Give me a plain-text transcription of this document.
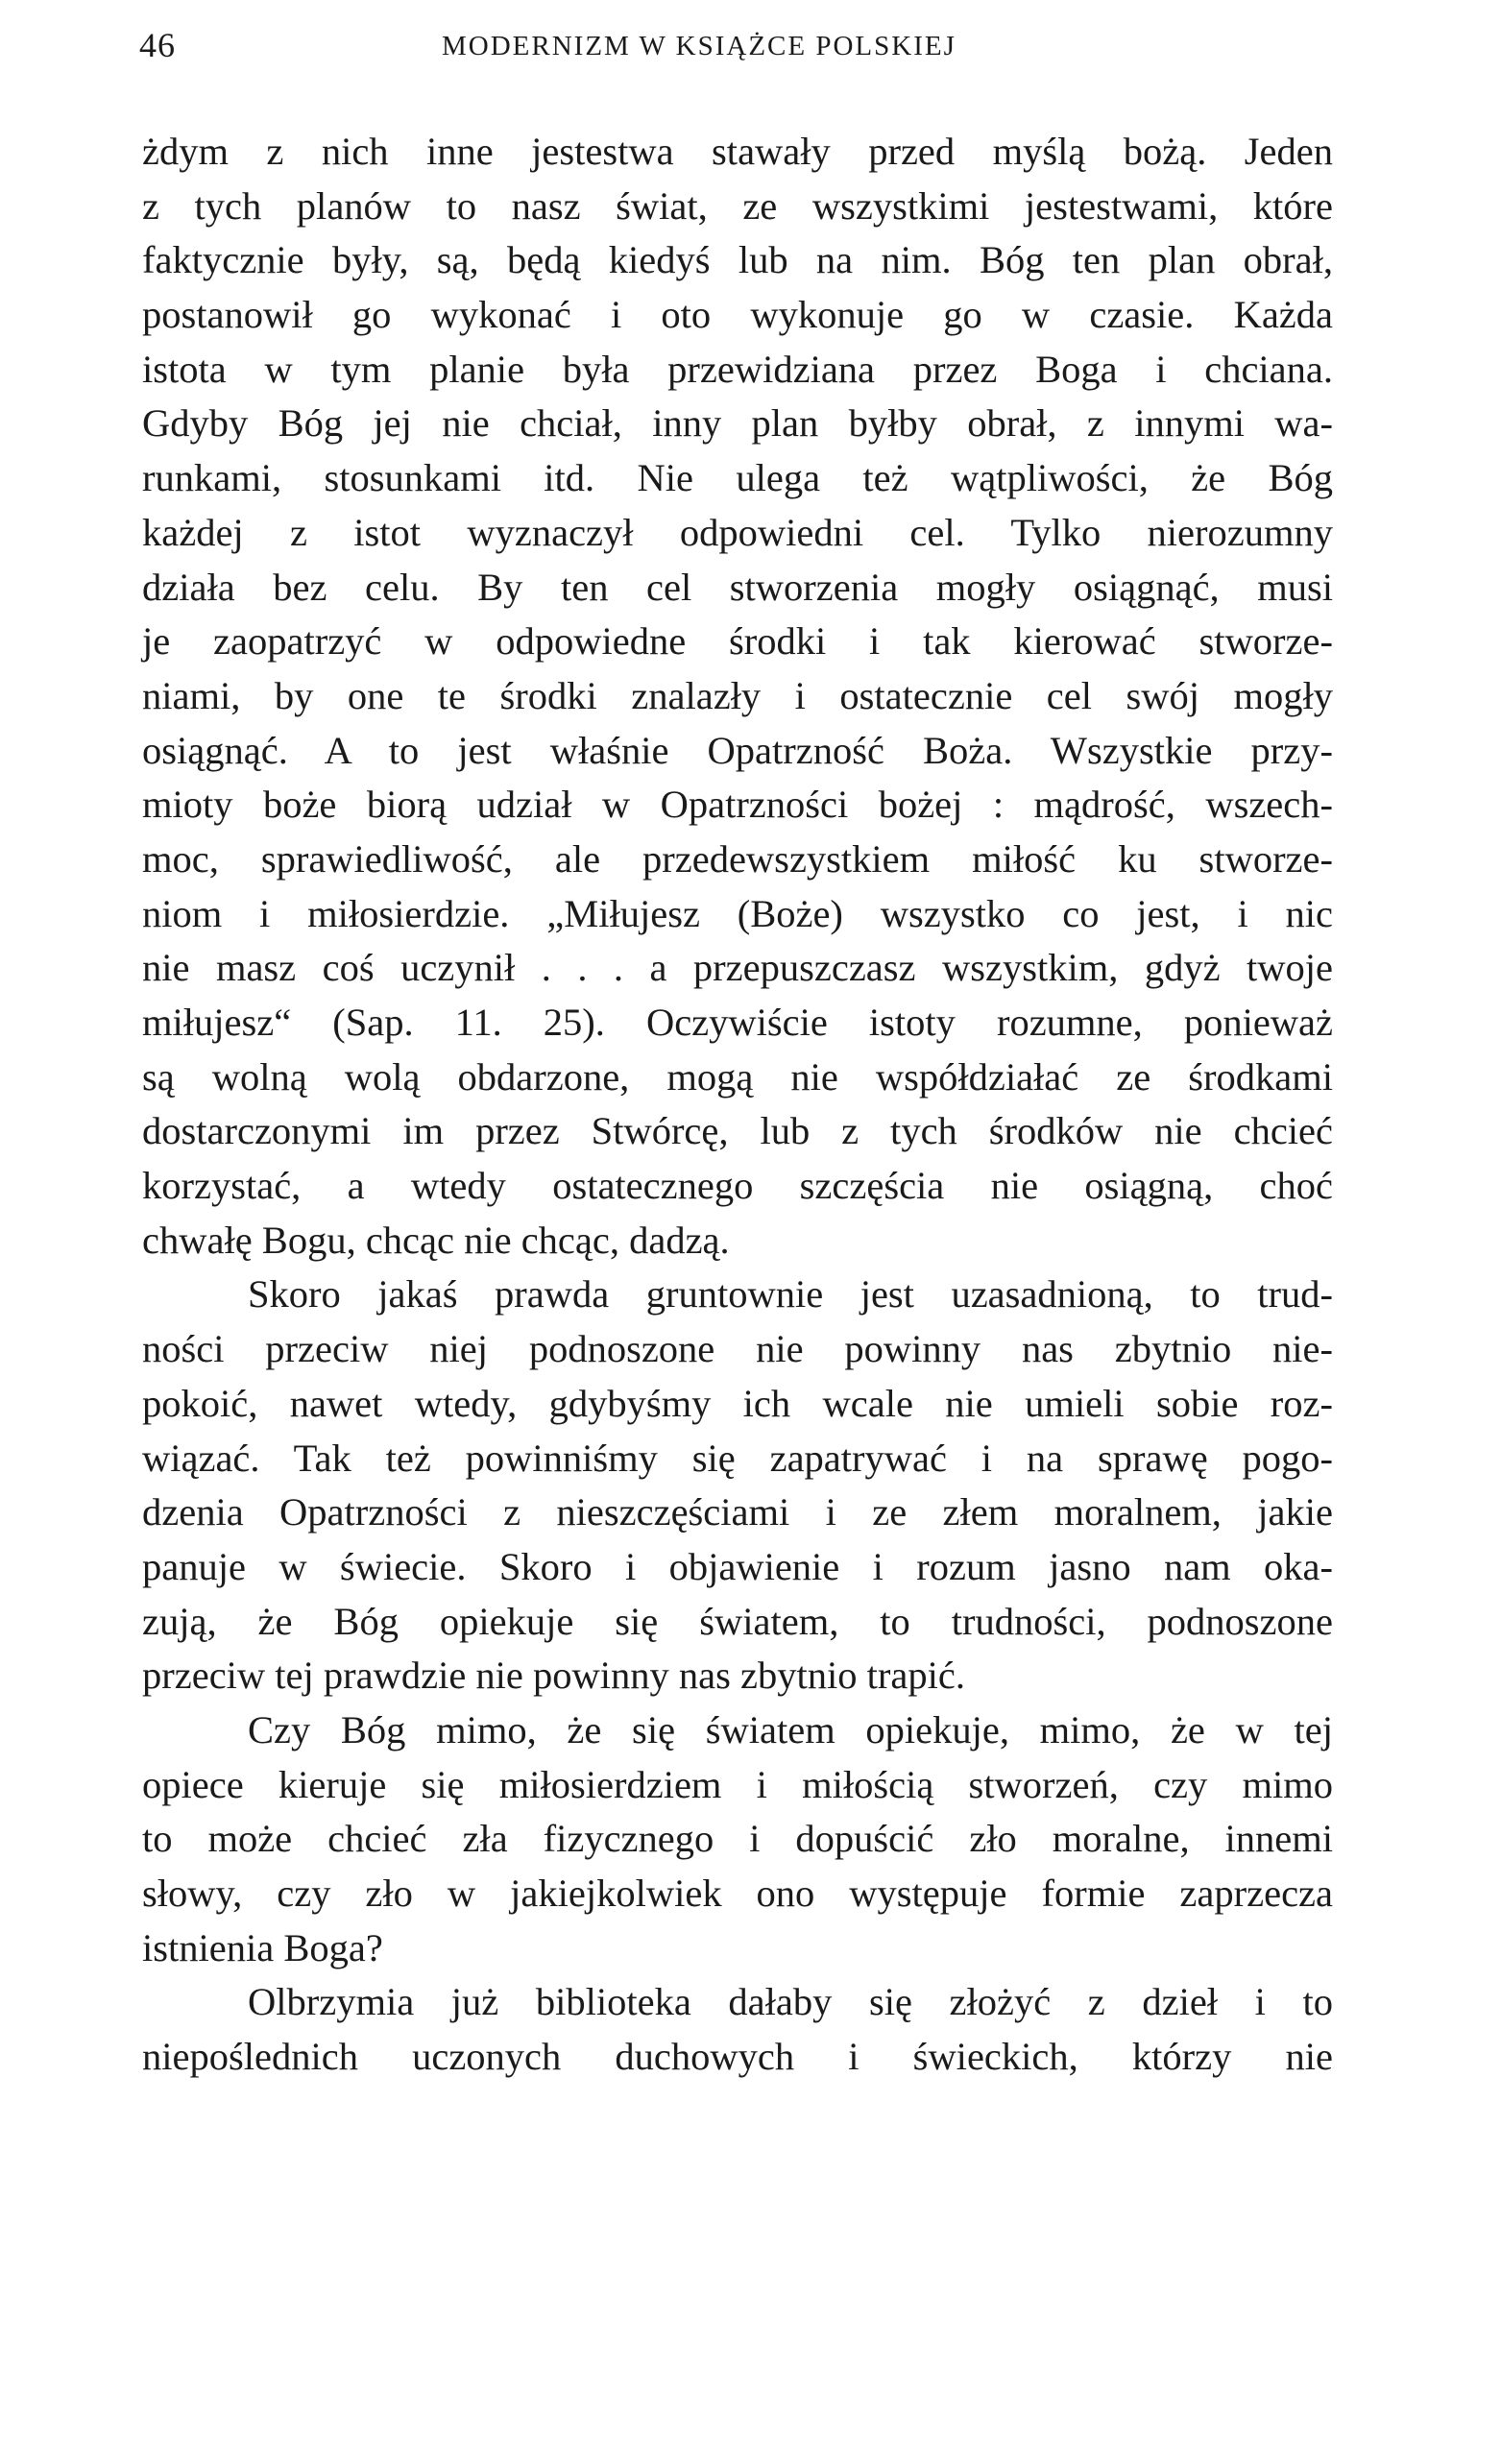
46	MODERNIZM W KSIĄŻCE POLSKIEJ
żdym z nich inne jestestwa stawały przed myślą bożą. Jeden
z tych planów to nasz świat, ze wszystkimi jestestwami, które
faktycznie były, są, będą kiedyś lub na nim. Bóg ten plan obrał,
postanowił go wykonać i oto wykonuje go w czasie. Każda
istota w tym planie była przewidziana przez Boga i chciana.
Gdyby Bóg jej nie chciał, inny plan byłby obrał, z innymi wa-
runkami, stosunkami itd. Nie ulega też wątpliwości, że Bóg
każdej z istot wyznaczył odpowiedni cel. Tylko nierozumny
działa bez celu. By ten cel stworzenia mogły osiągnąć, musi
je zaopatrzyć w odpowiedne środki i tak kierować stworze-
niami, by one te środki znalazły i ostatecznie cel swój mogły
osiągnąć. A to jest właśnie Opatrzność Boża. Wszystkie przy-
mioty boże biorą udział w Opatrzności bożej : mądrość, wszech-
moc, sprawiedliwość, ale przedewszystkiem miłość ku stworze-
niom i miłosierdzie. „Miłujesz (Boże) wszystko co jest, i nic
nie masz coś uczynił . . . a przepuszczasz wszystkim, gdyż twoje
miłujesz“ (Sap. 11. 25). Oczywiście istoty rozumne, ponieważ
są wolną wolą obdarzone, mogą nie współdziałać ze środkami
dostarczonymi im przez Stwórcę, lub z tych środków nie chcieć
korzystać, a wtedy ostatecznego szczęścia nie osiągną, choć
chwałę Bogu, chcąc nie chcąc, dadzą.
Skoro jakaś prawda gruntownie jest uzasadnioną, to trud-
ności przeciw niej podnoszone nie powinny nas zbytnio nie-
pokoić, nawet wtedy, gdybyśmy ich wcale nie umieli sobie roz-
wiązać. Tak też powinniśmy się zapatrywać i na sprawę pogo-
dzenia Opatrzności z nieszczęściami i ze złem moralnem, jakie
panuje w świecie. Skoro i objawienie i rozum jasno nam oka-
zują, że Bóg opiekuje się światem, to trudności, podnoszone
przeciw tej prawdzie nie powinny nas zbytnio trapić.
Czy Bóg mimo, że się światem opiekuje, mimo, że w tej
opiece kieruje się miłosierdziem i miłością stworzeń, czy mimo
to może chcieć zła fizycznego i dopuścić zło moralne, innemi
słowy, czy zło w jakiejkolwiek ono występuje formie zaprzecza
istnienia Boga?
Olbrzymia już biblioteka dałaby się złożyć z dzieł i to
niepoślednich uczonych duchowych i świeckich, którzy nie
